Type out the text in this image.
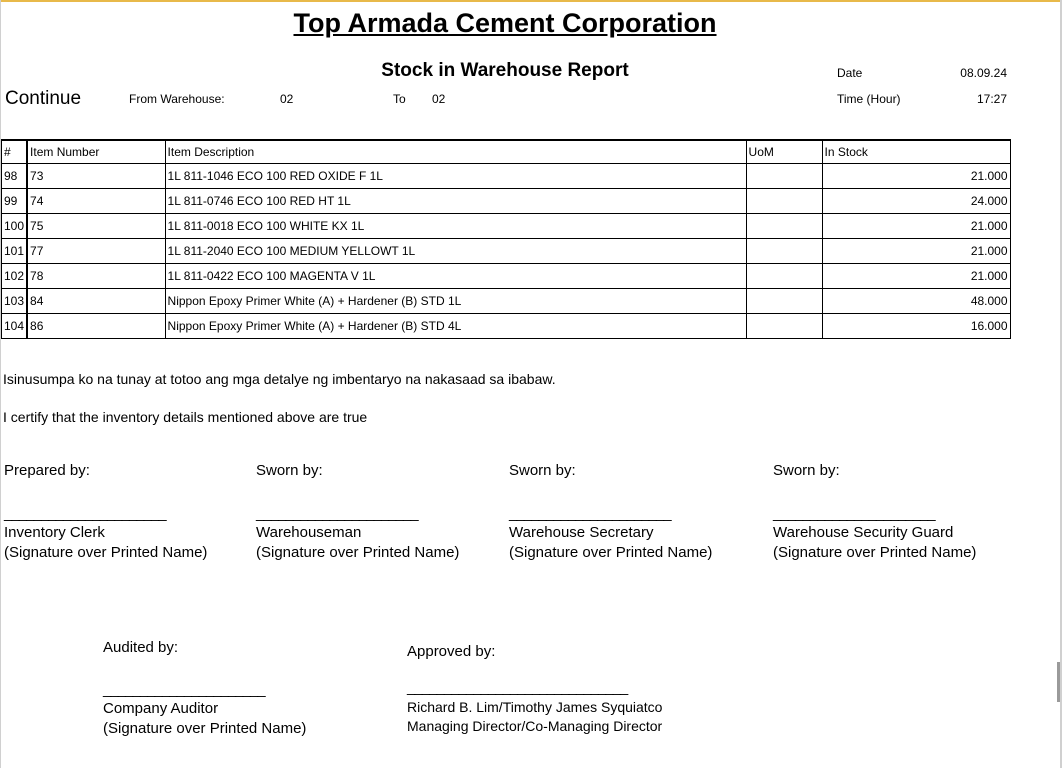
Top Armada Cement Corporation
Stock in Warehouse Report
Continue	From Warehouse:	02	To 02
Date	08.09.24
Time (Hour)	17:27
#	Item Number	Item Description	UoM	In Stock
98	73	1L 811-1046 ECO 100 RED OXIDE F 1L		21.000
99	74	1L 811-0746 ECO 100 RED HT 1L		24.000
100	75	1L 811-0018 ECO 100 WHITE KX 1L		21.000
101	77	1L 811-2040 ECO 100 MEDIUM YELLOWT 1L		21.000
102	78	1L 811-0422 ECO 100 MAGENTA V 1L		21.000
103	84	Nippon Epoxy Primer White (A) + Hardener (B) STD 1L		48.000
104	86	Nippon Epoxy Primer White (A) + Hardener (B) STD 4L		16.000
Isinusumpa ko na tunay at totoo ang mga detalye ng imbentaryo na nakasaad sa ibabaw.
I certify that the inventory details mentioned above are true
Prepared by:
______________________
Inventory Clerk
(Signature over Printed Name)
Sworn by:
______________________
Warehouseman
(Signature over Printed Name)
Sworn by:
______________________
Warehouse Secretary
(Signature over Printed Name)
Sworn by:
______________________
Warehouse Security Guard
(Signature over Printed Name)
Audited by:
______________________
Company Auditor
(Signature over Printed Name)
Approved by:
______________________________
Richard B. Lim/Timothy James Syquiatco
Managing Director/Co-Managing Director
